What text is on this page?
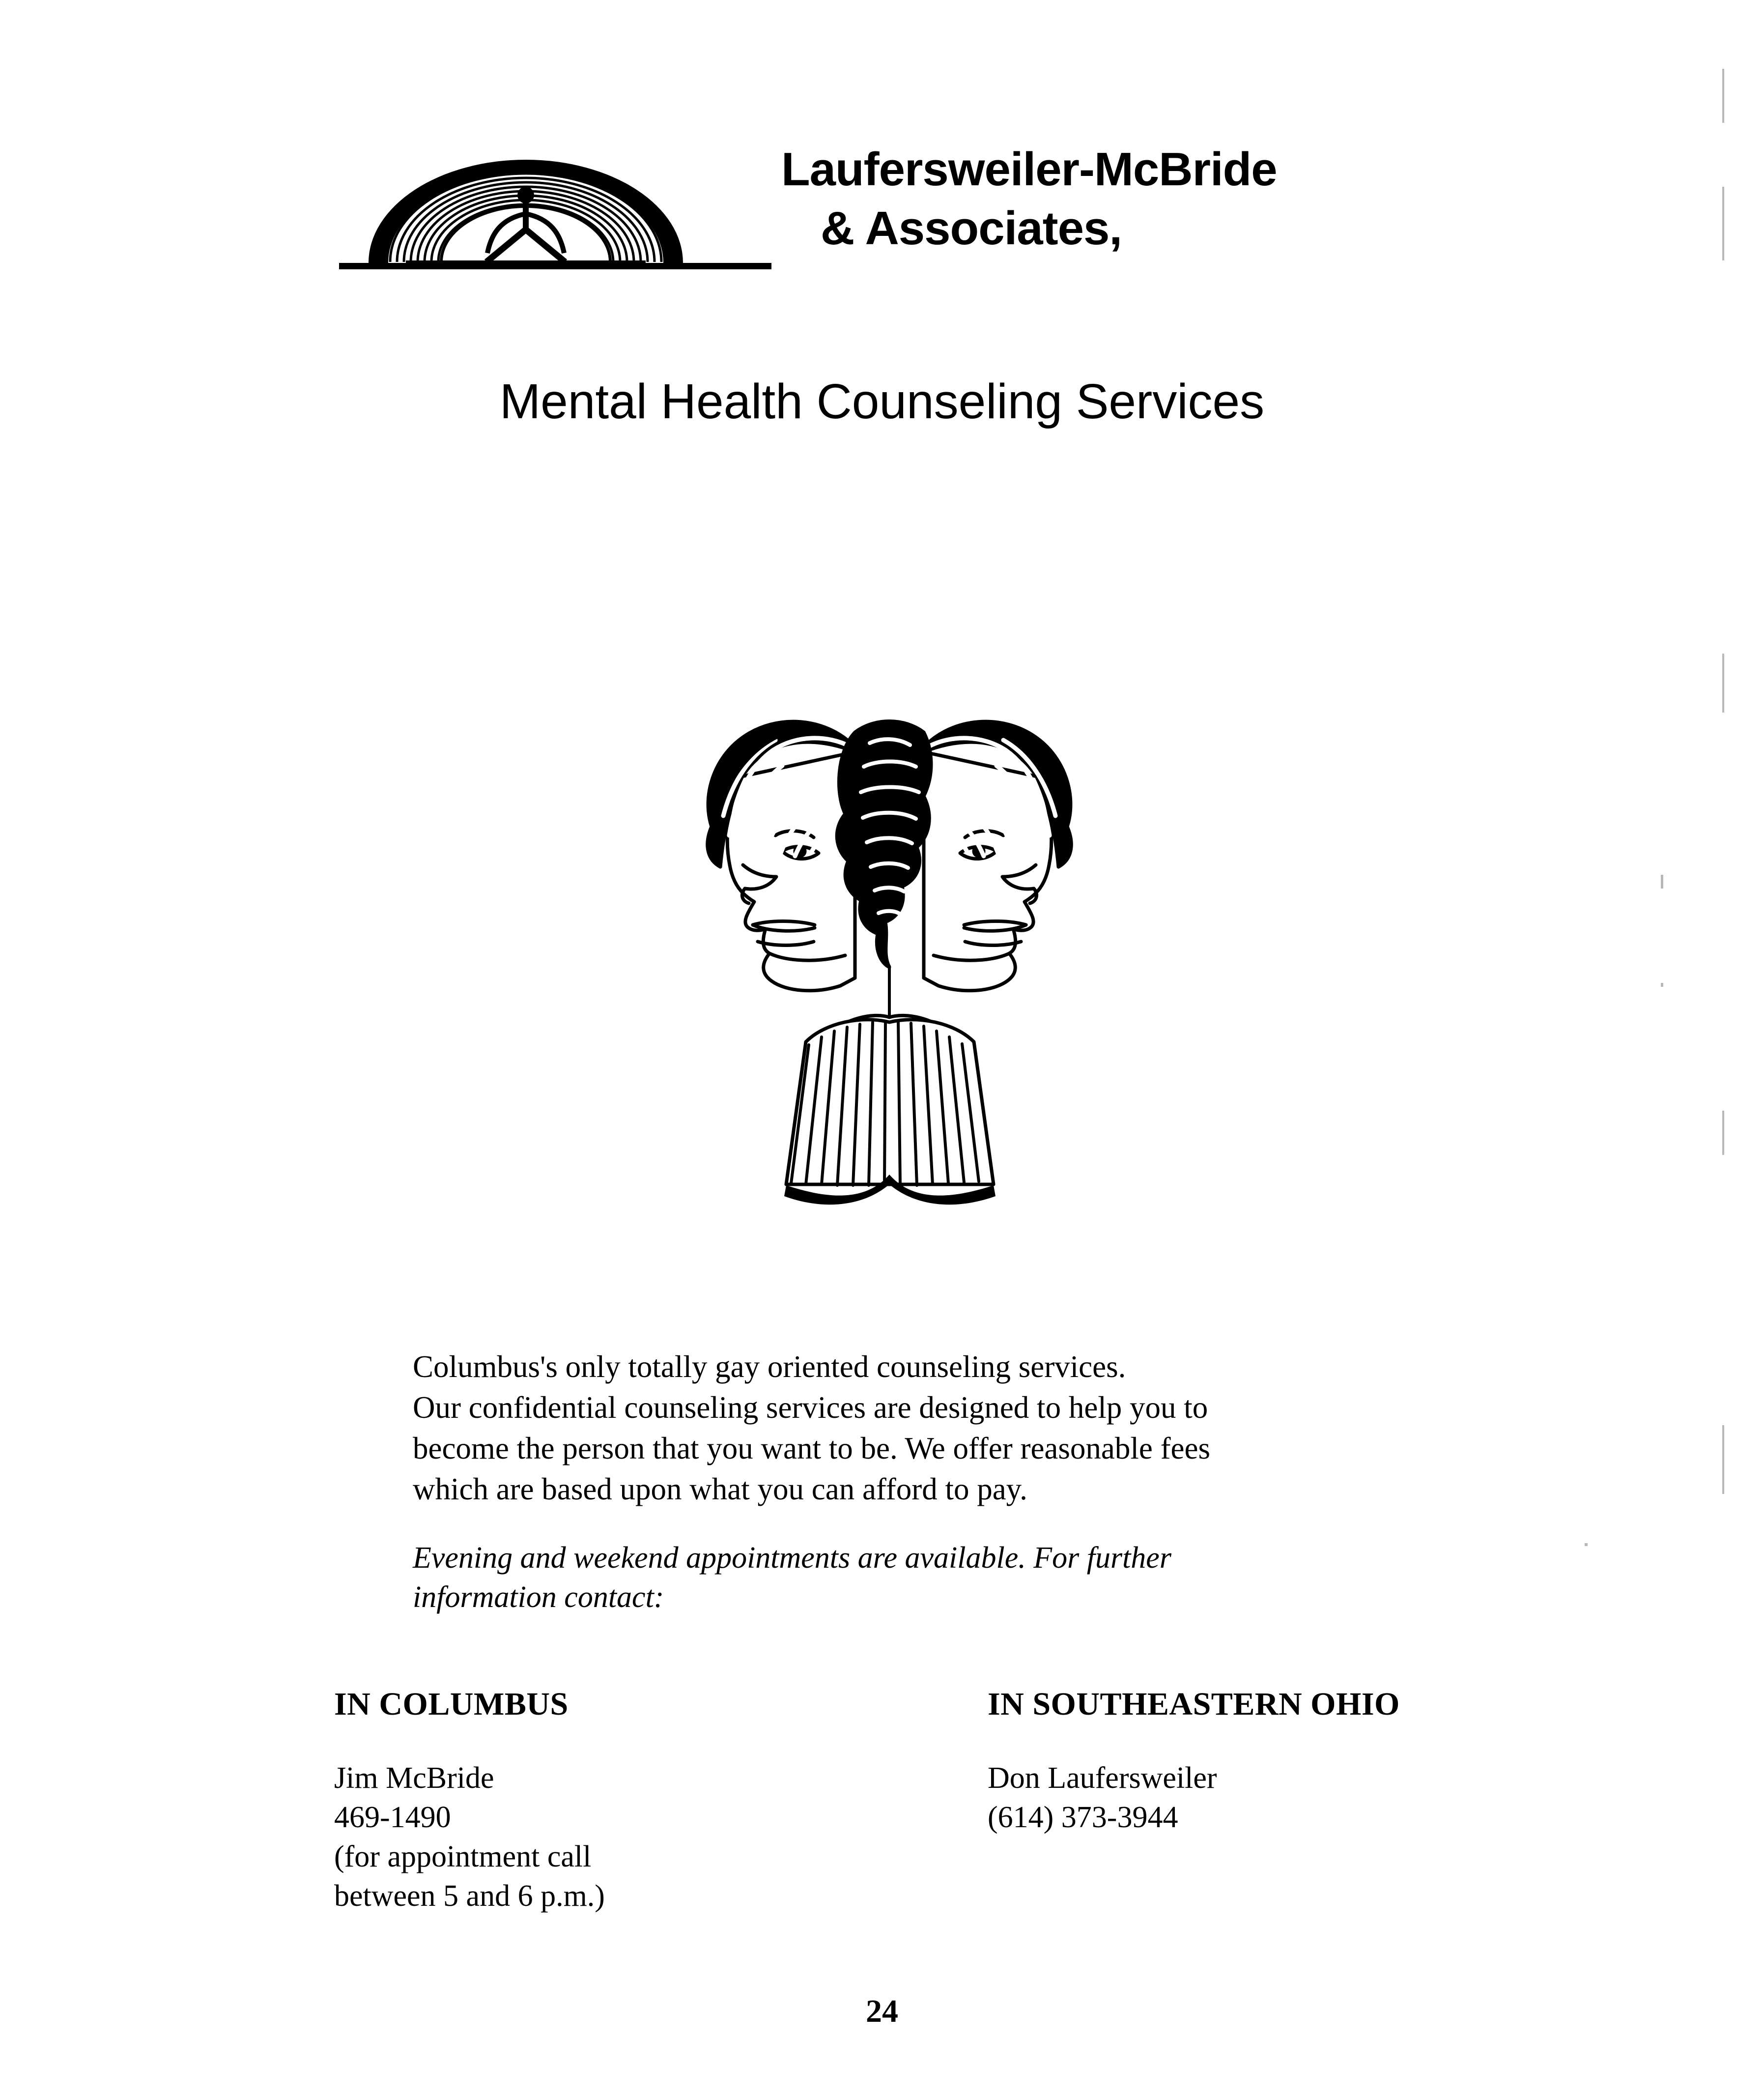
Laufersweiler-McBride
& Associates,
Mental Health Counseling Services

Columbus's only totally gay oriented counseling services.

Our confidential counseling services are designed to help you to

become the person that you want to be. We offer reasonable fees

which are based upon what you can afford to pay.

Evening and weekend appointments are available. For further

information contact:

IN COLUMBUS
Jim McBride
469-1490
(for appointment call
between 5 and 6 p.m.)
IN SOUTHEASTERN OHIO
Don Laufersweiler
(614) 373-3944
24
